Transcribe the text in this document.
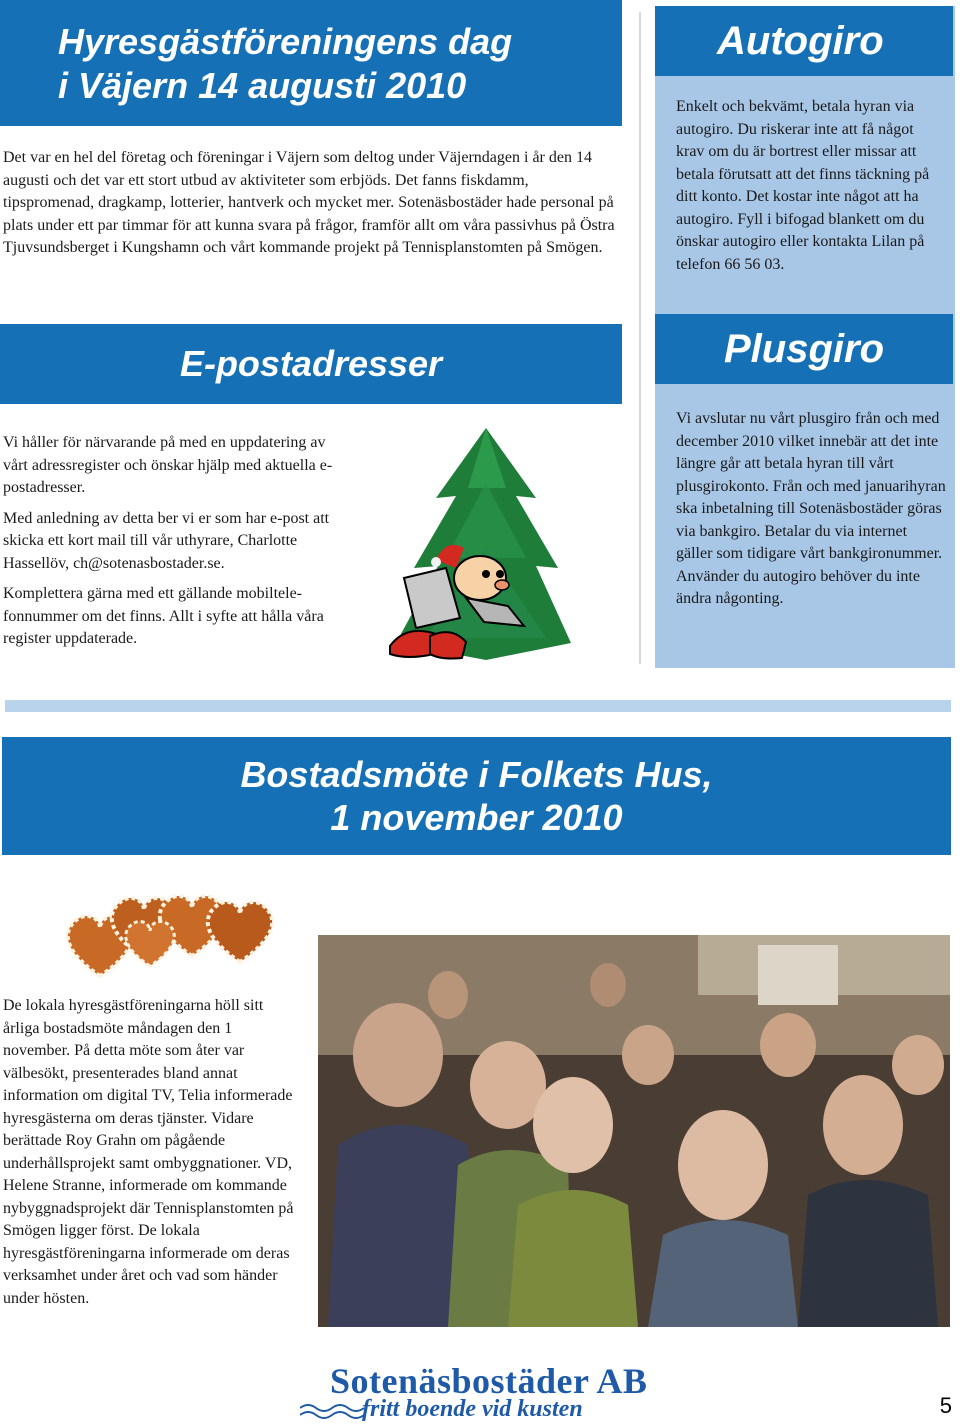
Hyresgästföreningens dag
i Väjern 14 augusti 2010

Det var en hel del företag och föreningar i Väjern som deltog under Väjerndagen i år den 14 augusti och det var ett stort utbud av aktiviteter som erbjöds. Det fanns fiskdamm, tipspromenad, dragkamp, lotterier, hantverk och mycket mer. Sotenäsbostäder hade personal på plats under ett par timmar för att kunna svara på frågor, framför allt om våra passivhus på Östra Tjuvsundsberget i Kungshamn och vårt kommande projekt på Tennisplanstomten på Smögen.

E-postadresser

Vi håller för närvarande på med en uppdatering av vårt adressregister och önskar hjälp med aktuella e-postadresser.

Med anledning av detta ber vi er som har e-post att skicka ett kort mail till vår uthyrare, Charlotte Hassellöv, ch@sotenasbostader.se.

Komplettera gärna med ett gällande mobiltelefonnummer om det finns. Allt i syfte att hålla våra register uppdaterade.

Autogiro

Enkelt och bekvämt, betala hyran via autogiro. Du riskerar inte att få något krav om du är bortrest eller missar att betala förutsatt att det finns täckning på ditt konto. Det kostar inte något att ha autogiro. Fyll i bifogad blankett om du önskar autogiro eller kontakta Lilan på telefon 66 56 03.

Plusgiro

Vi avslutar nu vårt plusgiro från och med december 2010 vilket innebär att det inte längre går att betala hyran till vårt plusgirokonto. Från och med januarihyran ska inbetalning till Sotenäsbostäder göras via bankgiro. Betalar du via internet gäller som tidigare vårt bankgironummer. Använder du autogiro behöver du inte ändra någonting.

Bostadsmöte i Folkets Hus,
1 november 2010

De lokala hyresgästföreningarna höll sitt årliga bostadsmöte måndagen den 1 november. På detta möte som åter var välbesökt, presenterades bland annat information om digital TV, Telia informerade hyresgästerna om deras tjänster. Vidare berättade Roy Grahn om pågående underhållsprojekt samt ombyggnationer. VD, Helene Stranne, informerade om kommande nybyggnadsprojekt där Tennisplanstomten på Smögen ligger först. De lokala hyresgästföreningarna informerade om deras verksamhet under året och vad som händer under hösten.

Sotenäsbostäder AB
fritt boende vid kusten	5
